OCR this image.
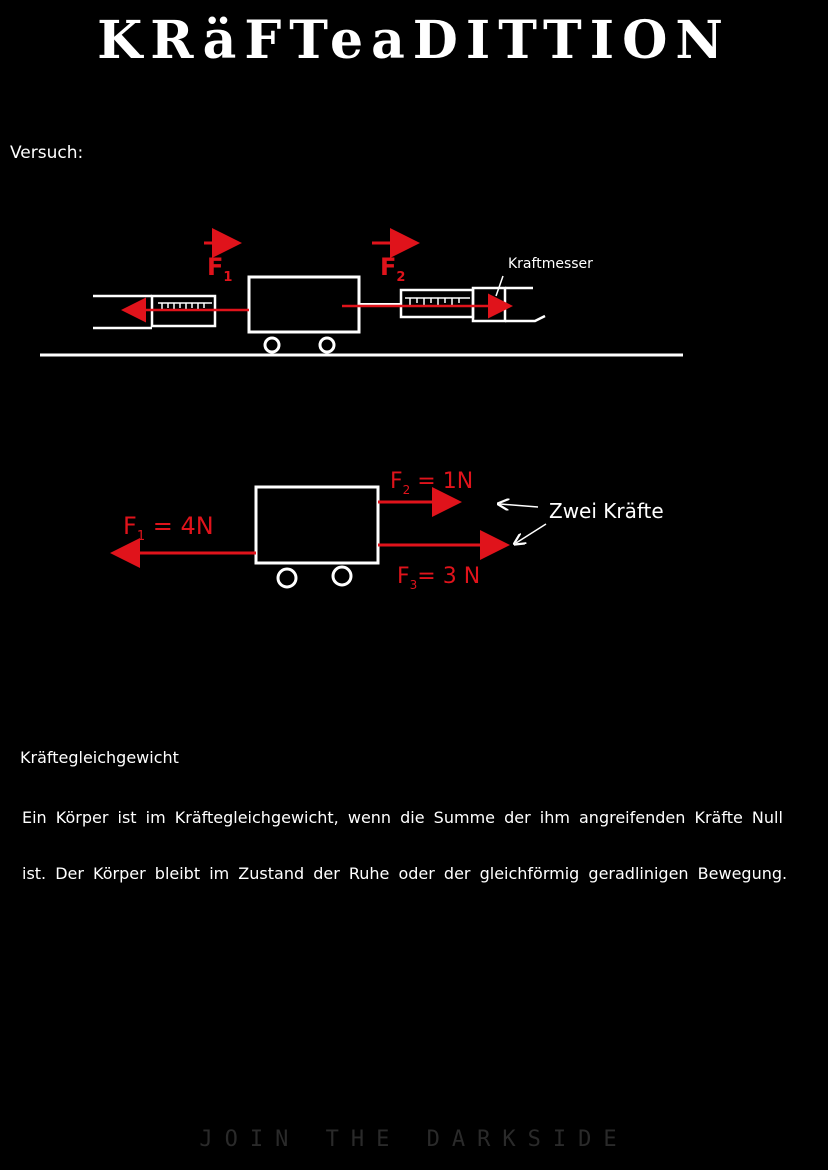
KRäFTeaDITTION
Versuch:
$F_1$	$F_2$
Kraftmesser
$F_1 = 4N$
$F_2 = 1N$
$F_3= 3$ N
Zwei Kräfte
Kräftegleichgewicht
Ein Körper ist im Kräftegleichgewicht, wenn die Summe der ihm angreifenden Kräfte Null ist. Der Körper bleibt im Zustand der Ruhe oder der gleichförmig geradlinigen Bewegung.
JOIN THE DARKSIDE
